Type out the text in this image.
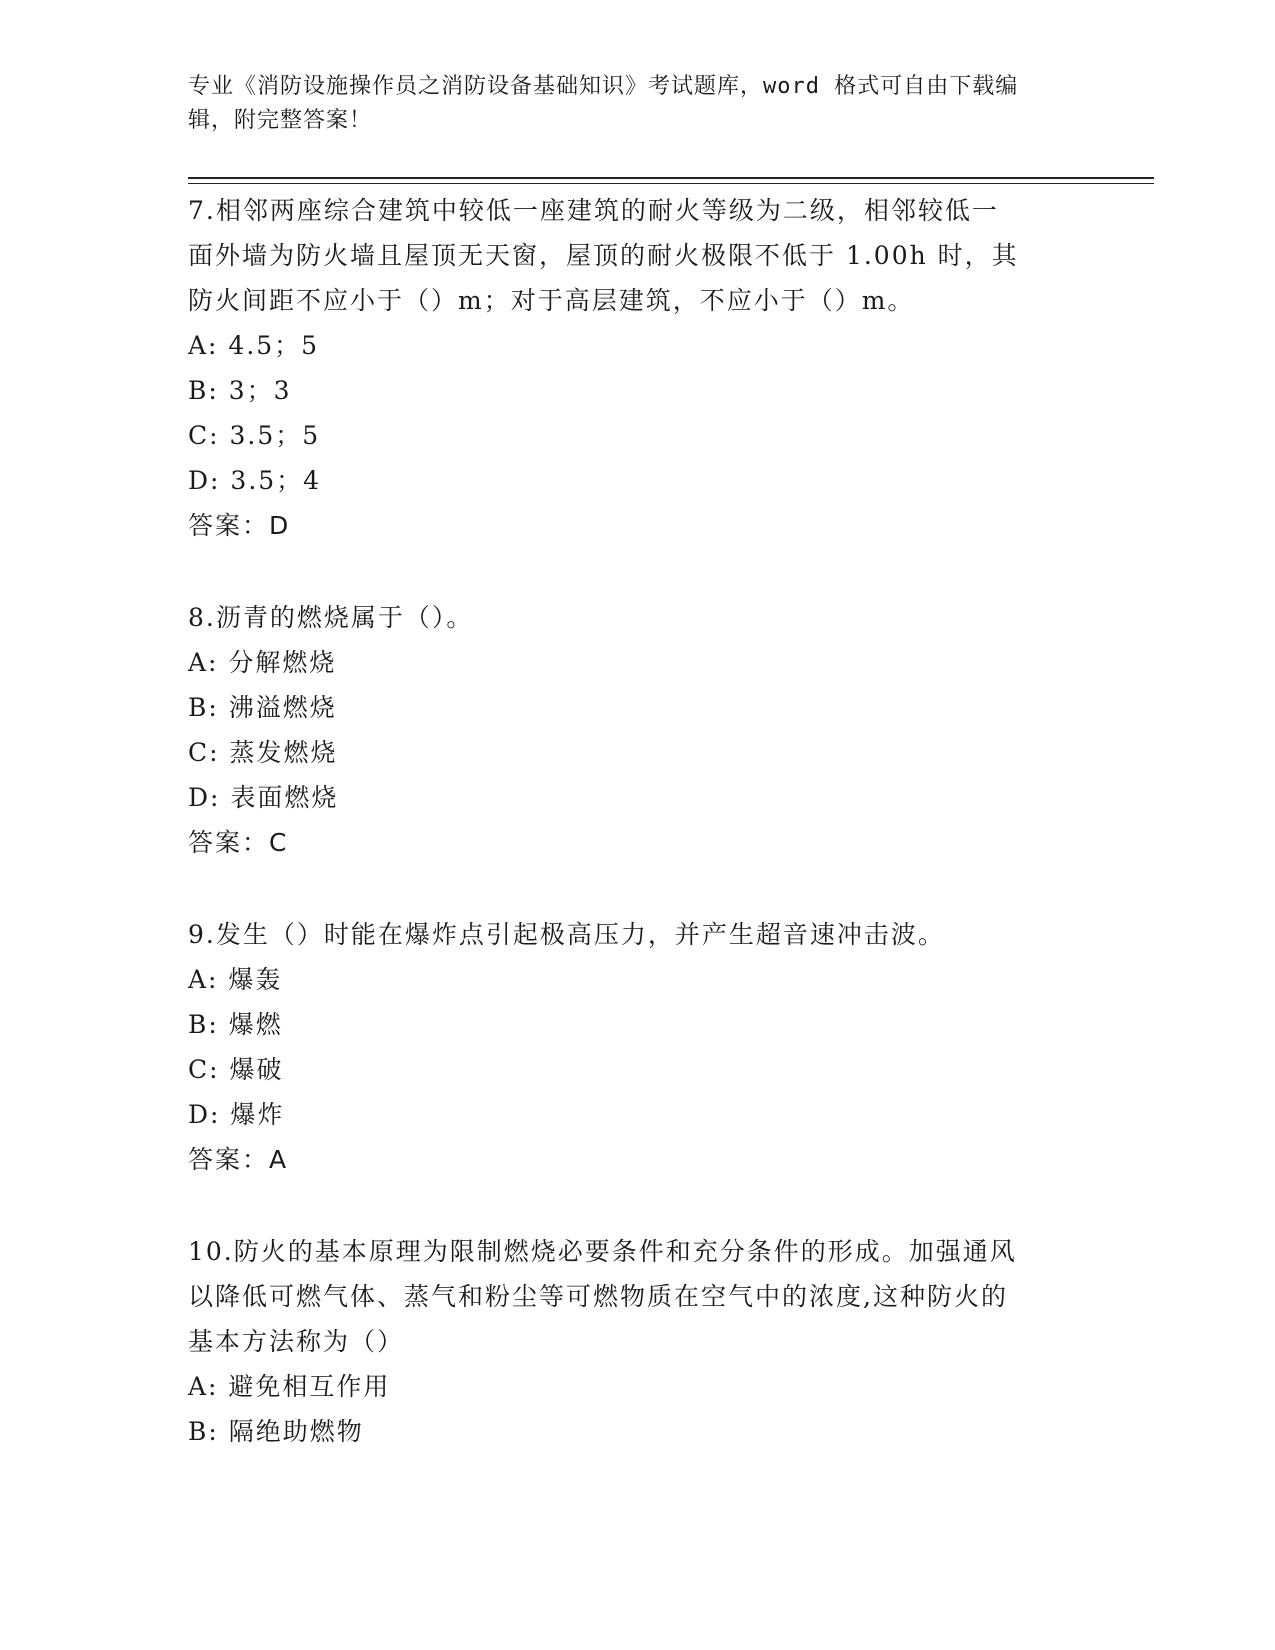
专业《消防设施操作员之消防设备基础知识》考试题库，word 格式可自由下载编
辑，附完整答案！
7.相邻两座综合建筑中较低一座建筑的耐火等级为二级，相邻较低一
面外墙为防火墙且屋顶无天窗，屋顶的耐火极限不低于 1.00h 时，其
防火间距不应小于（）m；对于高层建筑，不应小于（）m。
A: 4.5；5
B: 3；3
C: 3.5；5
D: 3.5；4
答案：D
8.沥青的燃烧属于（）。
A: 分解燃烧
B: 沸溢燃烧
C: 蒸发燃烧
D: 表面燃烧
答案：C
9.发生（）时能在爆炸点引起极高压力，并产生超音速冲击波。
A: 爆轰
B: 爆燃
C: 爆破
D: 爆炸
答案：A
10.防火的基本原理为限制燃烧必要条件和充分条件的形成。加强通风
以降低可燃气体、蒸气和粉尘等可燃物质在空气中的浓度,这种防火的
基本方法称为（）
A: 避免相互作用
B: 隔绝助燃物
